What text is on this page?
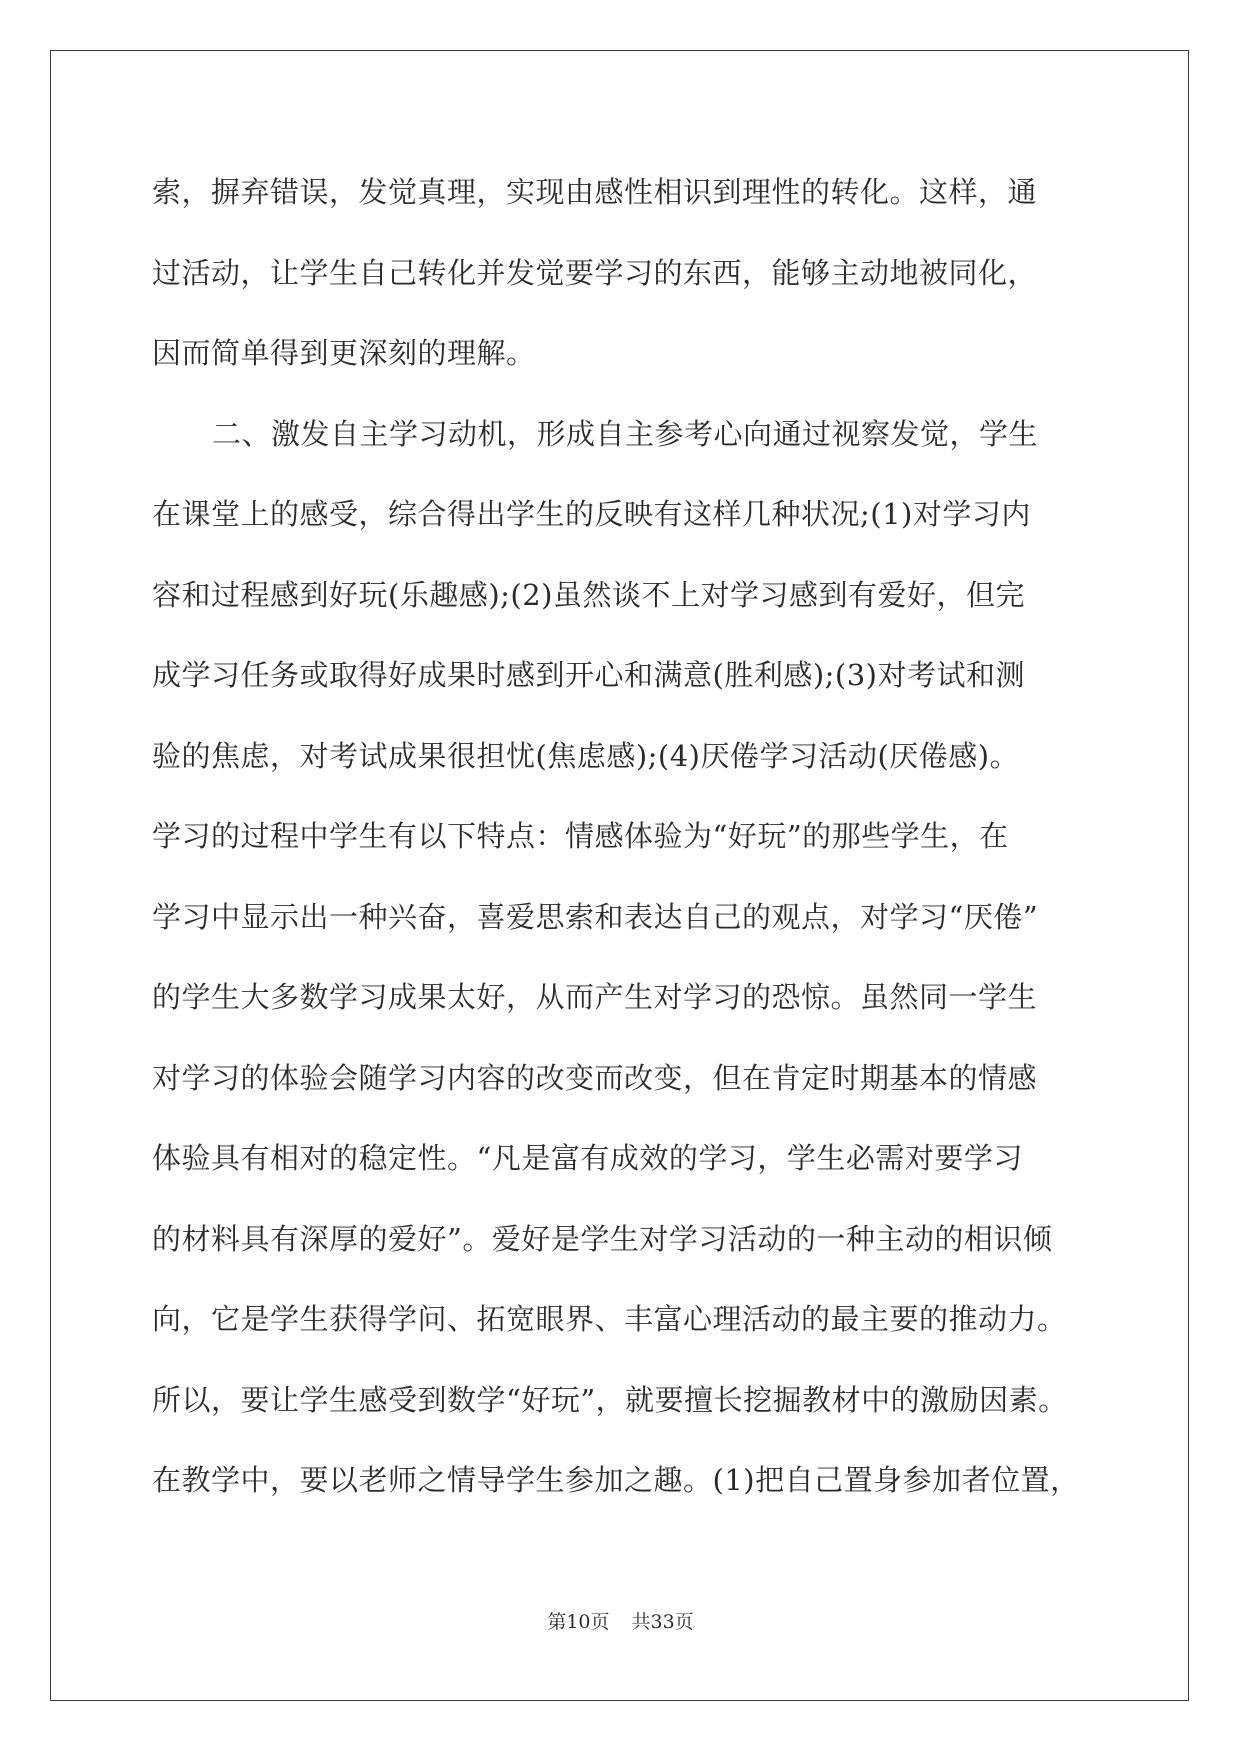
索，摒弃错误，发觉真理，实现由感性相识到理性的转化。这样，通
过活动，让学生自己转化并发觉要学习的东西，能够主动地被同化，
因而简单得到更深刻的理解。
二、激发自主学习动机，形成自主参考心向通过视察发觉，学生
在课堂上的感受，综合得出学生的反映有这样几种状况;(1)对学习内
容和过程感到好玩(乐趣感);(2)虽然谈不上对学习感到有爱好，但完
成学习任务或取得好成果时感到开心和满意(胜利感);(3)对考试和测
验的焦虑，对考试成果很担忧(焦虑感);(4)厌倦学习活动(厌倦感)。
学习的过程中学生有以下特点：情感体验为“好玩”的那些学生，在
学习中显示出一种兴奋，喜爱思索和表达自己的观点，对学习“厌倦”
的学生大多数学习成果太好，从而产生对学习的恐惊。虽然同一学生
对学习的体验会随学习内容的改变而改变，但在肯定时期基本的情感
体验具有相对的稳定性。“凡是富有成效的学习，学生必需对要学习
的材料具有深厚的爱好”。爱好是学生对学习活动的一种主动的相识倾
向，它是学生获得学问、拓宽眼界、丰富心理活动的最主要的推动力。
所以，要让学生感受到数学“好玩”，就要擅长挖掘教材中的激励因素。
在教学中，要以老师之情导学生参加之趣。(1)把自己置身参加者位置，
第10页 共33页
